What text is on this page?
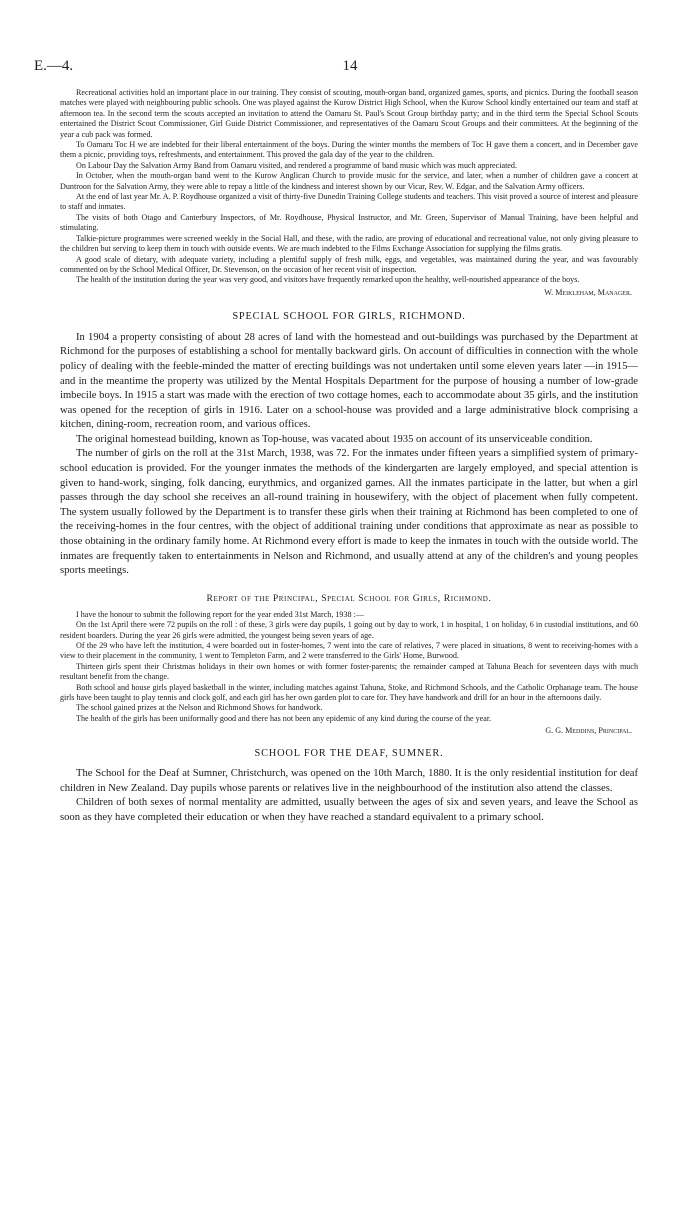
E.—4.	14

Recreational activities hold an important place in our training. They consist of scouting, mouth-organ band, organized games, sports, and picnics. During the football season matches were played with neighbouring public schools. One was played against the Kurow District High School, when the Kurow School kindly entertained our team and staff at afternoon tea. In the second term the scouts accepted an invitation to attend the Oamaru St. Paul's Scout Group birthday party; and in the third term the Special School Scouts entertained the District Scout Commissioner, Girl Guide District Commissioner, and representatives of the Oamaru Scout Groups and their committees. At the beginning of the year a cub pack was formed.

To Oamaru Toc H we are indebted for their liberal entertainment of the boys. During the winter months the members of Toc H gave them a concert, and in December gave them a picnic, providing toys, refreshments, and entertainment. This proved the gala day of the year to the children.

On Labour Day the Salvation Army Band from Oamaru visited, and rendered a programme of band music which was much appreciated.

In October, when the mouth-organ band went to the Kurow Anglican Church to provide music for the service, and later, when a number of children gave a concert at Duntroon for the Salvation Army, they were able to repay a little of the kindness and interest shown by our Vicar, Rev. W. Edgar, and the Salvation Army officers.

At the end of last year Mr. A. P. Roydhouse organized a visit of thirty-five Dunedin Training College students and teachers. This visit proved a source of interest and pleasure to staff and inmates.

The visits of both Otago and Canterbury Inspectors, of Mr. Roydhouse, Physical Instructor, and Mr. Green, Supervisor of Manual Training, have been helpful and stimulating.

Talkie-picture programmes were screened weekly in the Social Hall, and these, with the radio, are proving of educational and recreational value, not only giving pleasure to the children but serving to keep them in touch with outside events. We are much indebted to the Films Exchange Association for supplying the films gratis.

A good scale of dietary, with adequate variety, including a plentiful supply of fresh milk, eggs, and vegetables, was maintained during the year, and was favourably commented on by the School Medical Officer, Dr. Stevenson, on the occasion of her recent visit of inspection.

The health of the institution during the year was very good, and visitors have frequently remarked upon the healthy, well-nourished appearance of the boys.

W. Meikleham, Manager.
SPECIAL SCHOOL FOR GIRLS, RICHMOND.

In 1904 a property consisting of about 28 acres of land with the homestead and out-buildings was purchased by the Department at Richmond for the purposes of establishing a school for mentally backward girls. On account of difficulties in connection with the whole policy of dealing with the feeble-minded the matter of erecting buildings was not undertaken until some eleven years later —in 1915—and in the meantime the property was utilized by the Mental Hospitals Department for the purpose of housing a number of low-grade imbecile boys. In 1915 a start was made with the erection of two cottage homes, each to accommodate about 35 girls, and the institution was opened for the reception of girls in 1916. Later on a school-house was provided and a large administrative block comprising a kitchen, dining-room, recreation room, and various offices.

The original homestead building, known as Top-house, was vacated about 1935 on account of its unserviceable condition.

The number of girls on the roll at the 31st March, 1938, was 72. For the inmates under fifteen years a simplified system of primary-school education is provided. For the younger inmates the methods of the kindergarten are largely employed, and special attention is given to hand-work, singing, folk dancing, eurythmics, and organized games. All the inmates participate in the latter, but when a girl passes through the day school she receives an all-round training in housewifery, with the object of placement when fully competent. The system usually followed by the Department is to transfer these girls when their training at Richmond has been completed to one of the receiving-homes in the four centres, with the object of additional training under conditions that approximate as near as possible to those obtaining in the ordinary family home. At Richmond every effort is made to keep the inmates in touch with the outside world. The inmates are frequently taken to entertainments in Nelson and Richmond, and usually attend at any of the children's and young peoples sports meetings.

Report of the Principal, Special School for Girls, Richmond.

I have the honour to submit the following report for the year ended 31st March, 1938 :—

On the 1st April there were 72 pupils on the roll : of these, 3 girls were day pupils, 1 going out by day to work, 1 in hospital, 1 on holiday, 6 in custodial institutions, and 60 resident boarders. During the year 26 girls were admitted, the youngest being seven years of age.

Of the 29 who have left the institution, 4 were boarded out in foster-homes, 7 went into the care of relatives, 7 were placed in situations, 8 went to receiving-homes with a view to their placement in the community, 1 went to Templeton Farm, and 2 were transferred to the Girls' Home, Burwood.

Thirteen girls spent their Christmas holidays in their own homes or with former foster-parents; the remainder camped at Tahuna Beach for seventeen days with much resultant benefit from the change.

Both school and house girls played basketball in the winter, including matches against Tahuna, Stoke, and Richmond Schools, and the Catholic Orphanage team. The house girls have been taught to play tennis and clock golf, and each girl has her own garden plot to care for. They have handwork and drill for an hour in the afternoons daily.

The school gained prizes at the Nelson and Richmond Shows for handwork.

The health of the girls has been uniformally good and there has not been any epidemic of any kind during the course of the year.

G. G. Meddins, Principal.
SCHOOL FOR THE DEAF, SUMNER.

The School for the Deaf at Sumner, Christchurch, was opened on the 10th March, 1880. It is the only residential institution for deaf children in New Zealand. Day pupils whose parents or relatives live in the neighbourhood of the institution also attend the classes.

Children of both sexes of normal mentality are admitted, usually between the ages of six and seven years, and leave the School as soon as they have completed their education or when they have reached a standard equivalent to a primary school.
